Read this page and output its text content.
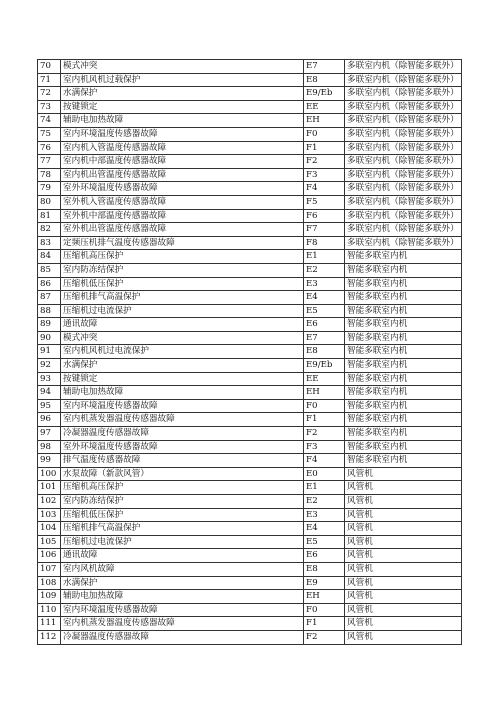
70	模式冲突	E7	多联室内机（除智能多联外）
71	室内机风机过载保护	E8	多联室内机（除智能多联外）
72	水满保护	E9/Eb	多联室内机（除智能多联外）
73	按键锁定	EE	多联室内机（除智能多联外）
74	辅助电加热故障	EH	多联室内机（除智能多联外）
75	室内环境温度传感器故障	F0	多联室内机（除智能多联外）
76	室内机入管温度传感器故障	F1	多联室内机（除智能多联外）
77	室内机中部温度传感器故障	F2	多联室内机（除智能多联外）
78	室内机出管温度传感器故障	F3	多联室内机（除智能多联外）
79	室外环境温度传感器故障	F4	多联室内机（除智能多联外）
80	室外机入管温度传感器故障	F5	多联室内机（除智能多联外）
81	室外机中部温度传感器故障	F6	多联室内机（除智能多联外）
82	室外机出管温度传感器故障	F7	多联室内机（除智能多联外）
83	定频压机排气温度传感器故障	F8	多联室内机（除智能多联外）
84	压缩机高压保护	E1	智能多联室内机
85	室内防冻结保护	E2	智能多联室内机
86	压缩机低压保护	E3	智能多联室内机
87	压缩机排气高温保护	E4	智能多联室内机
88	压缩机过电流保护	E5	智能多联室内机
89	通讯故障	E6	智能多联室内机
90	模式冲突	E7	智能多联室内机
91	室内机风机过电流保护	E8	智能多联室内机
92	水满保护	E9/Eb	智能多联室内机
93	按键锁定	EE	智能多联室内机
94	辅助电加热故障	EH	智能多联室内机
95	室内环境温度传感器故障	F0	智能多联室内机
96	室内机蒸发器温度传感器故障	F1	智能多联室内机
97	冷凝器温度传感器故障	F2	智能多联室内机
98	室外环境温度传感器故障	F3	智能多联室内机
99	排气温度传感器故障	F4	智能多联室内机
100	水泵故障（新款风管）	E0	风管机
101	压缩机高压保护	E1	风管机
102	室内防冻结保护	E2	风管机
103	压缩机低压保护	E3	风管机
104	压缩机排气高温保护	E4	风管机
105	压缩机过电流保护	E5	风管机
106	通讯故障	E6	风管机
107	室内风机故障	E8	风管机
108	水满保护	E9	风管机
109	辅助电加热故障	EH	风管机
110	室内环境温度传感器故障	F0	风管机
111	室内机蒸发器温度传感器故障	F1	风管机
112	冷凝器温度传感器故障	F2	风管机
